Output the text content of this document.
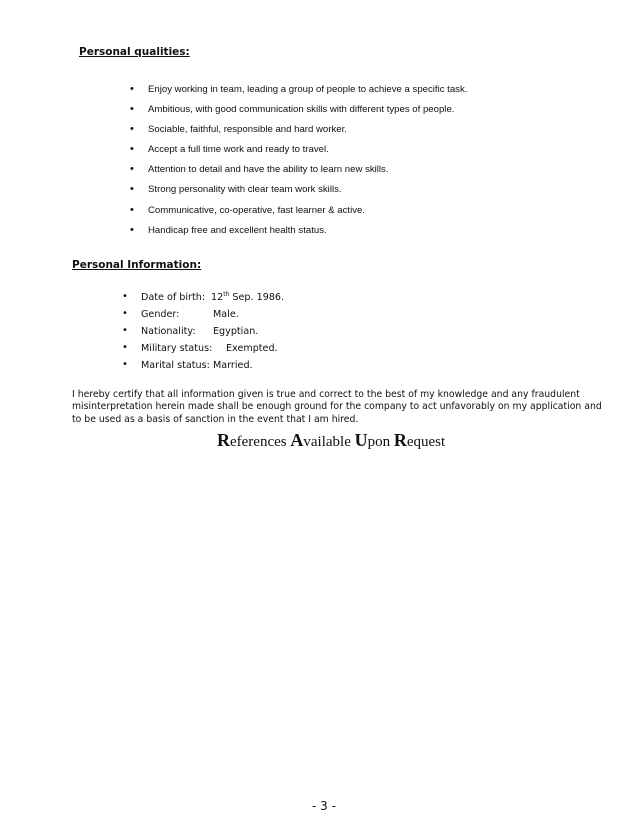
Personal qualities:
• Enjoy working in team, leading a group of people to achieve a specific task.
• Ambitious, with good communication skills with different types of people.
• Sociable, faithful, responsible and hard worker.
• Accept a full time work and ready to travel.
• Attention to detail and have the ability to learn new skills.
• Strong personality with clear team work skills.
• Communicative, co-operative, fast learner & active.
• Handicap free and excellent health status.
Personal Information:
• Date of birth: 12th Sep. 1986.
• Gender:	Male.
• Nationality: Egyptian.
• Military status: Exempted.
• Marital status: Married.

I hereby certify that all information given is true and correct to the best of my knowledge and any fraudulent
misinterpretation herein made shall be enough ground for the company to act unfavorably on my application and
to be used as a basis of sanction in the event that I am hired.

References Available Upon Request

- 3 -
